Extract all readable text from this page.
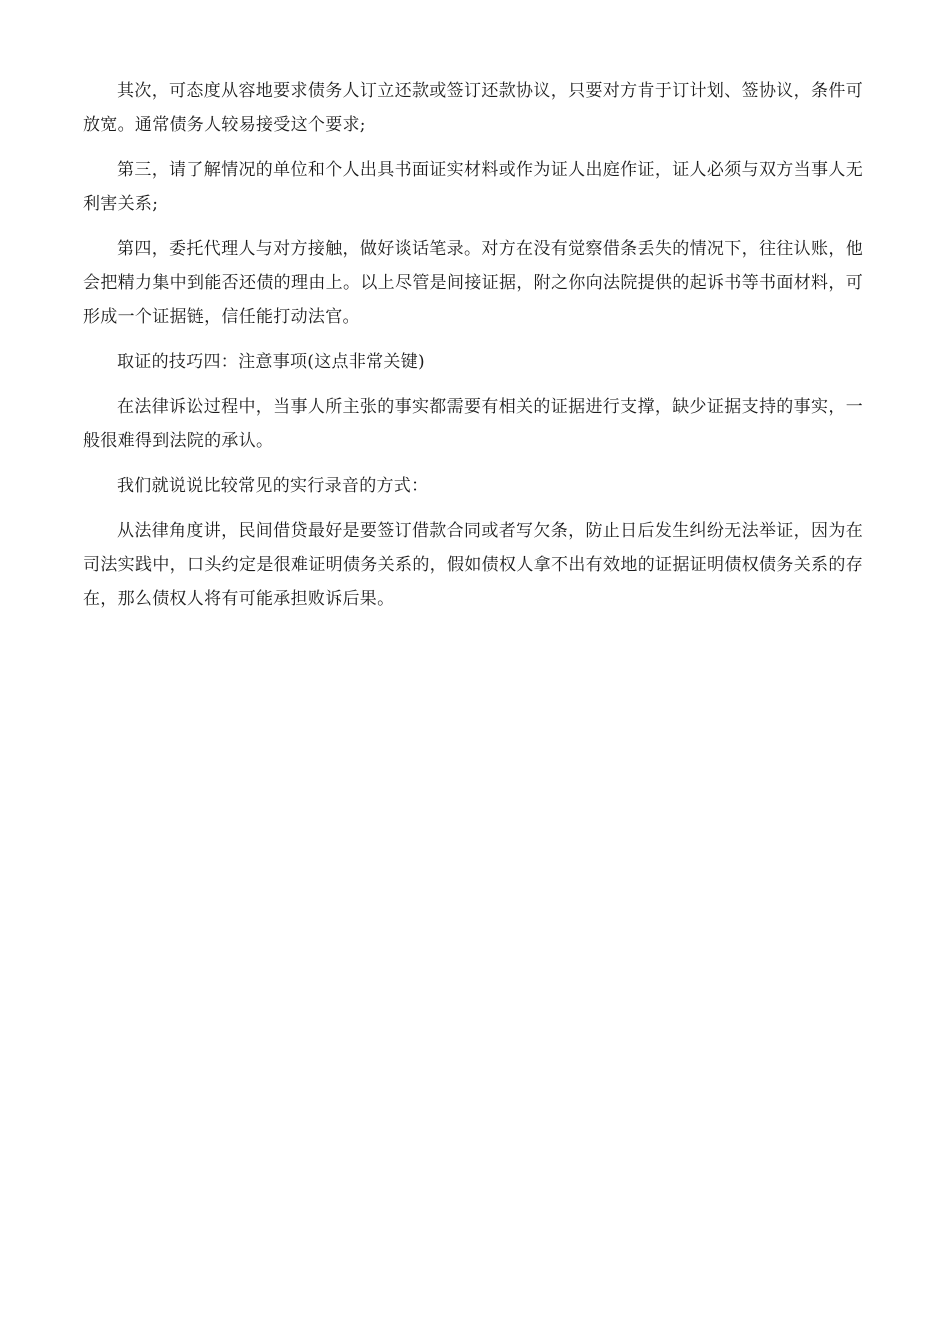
其次，可态度从容地要求债务人订立还款或签订还款协议，只要对方肯于订计划、签协议，条件可放宽。通常债务人较易接受这个要求;

第三，请了解情况的单位和个人出具书面证实材料或作为证人出庭作证，证人必须与双方当事人无利害关系;

第四，委托代理人与对方接触，做好谈话笔录。对方在没有觉察借条丢失的情况下，往往认账，他会把精力集中到能否还债的理由上。以上尽管是间接证据，附之你向法院提供的起诉书等书面材料，可形成一个证据链，信任能打动法官。

取证的技巧四：注意事项(这点非常关键)

在法律诉讼过程中，当事人所主张的事实都需要有相关的证据进行支撑，缺少证据支持的事实，一般很难得到法院的承认。

我们就说说比较常见的实行录音的方式：

从法律角度讲，民间借贷最好是要签订借款合同或者写欠条，防止日后发生纠纷无法举证，因为在司法实践中，口头约定是很难证明债务关系的，假如债权人拿不出有效地的证据证明债权债务关系的存在，那么债权人将有可能承担败诉后果。
